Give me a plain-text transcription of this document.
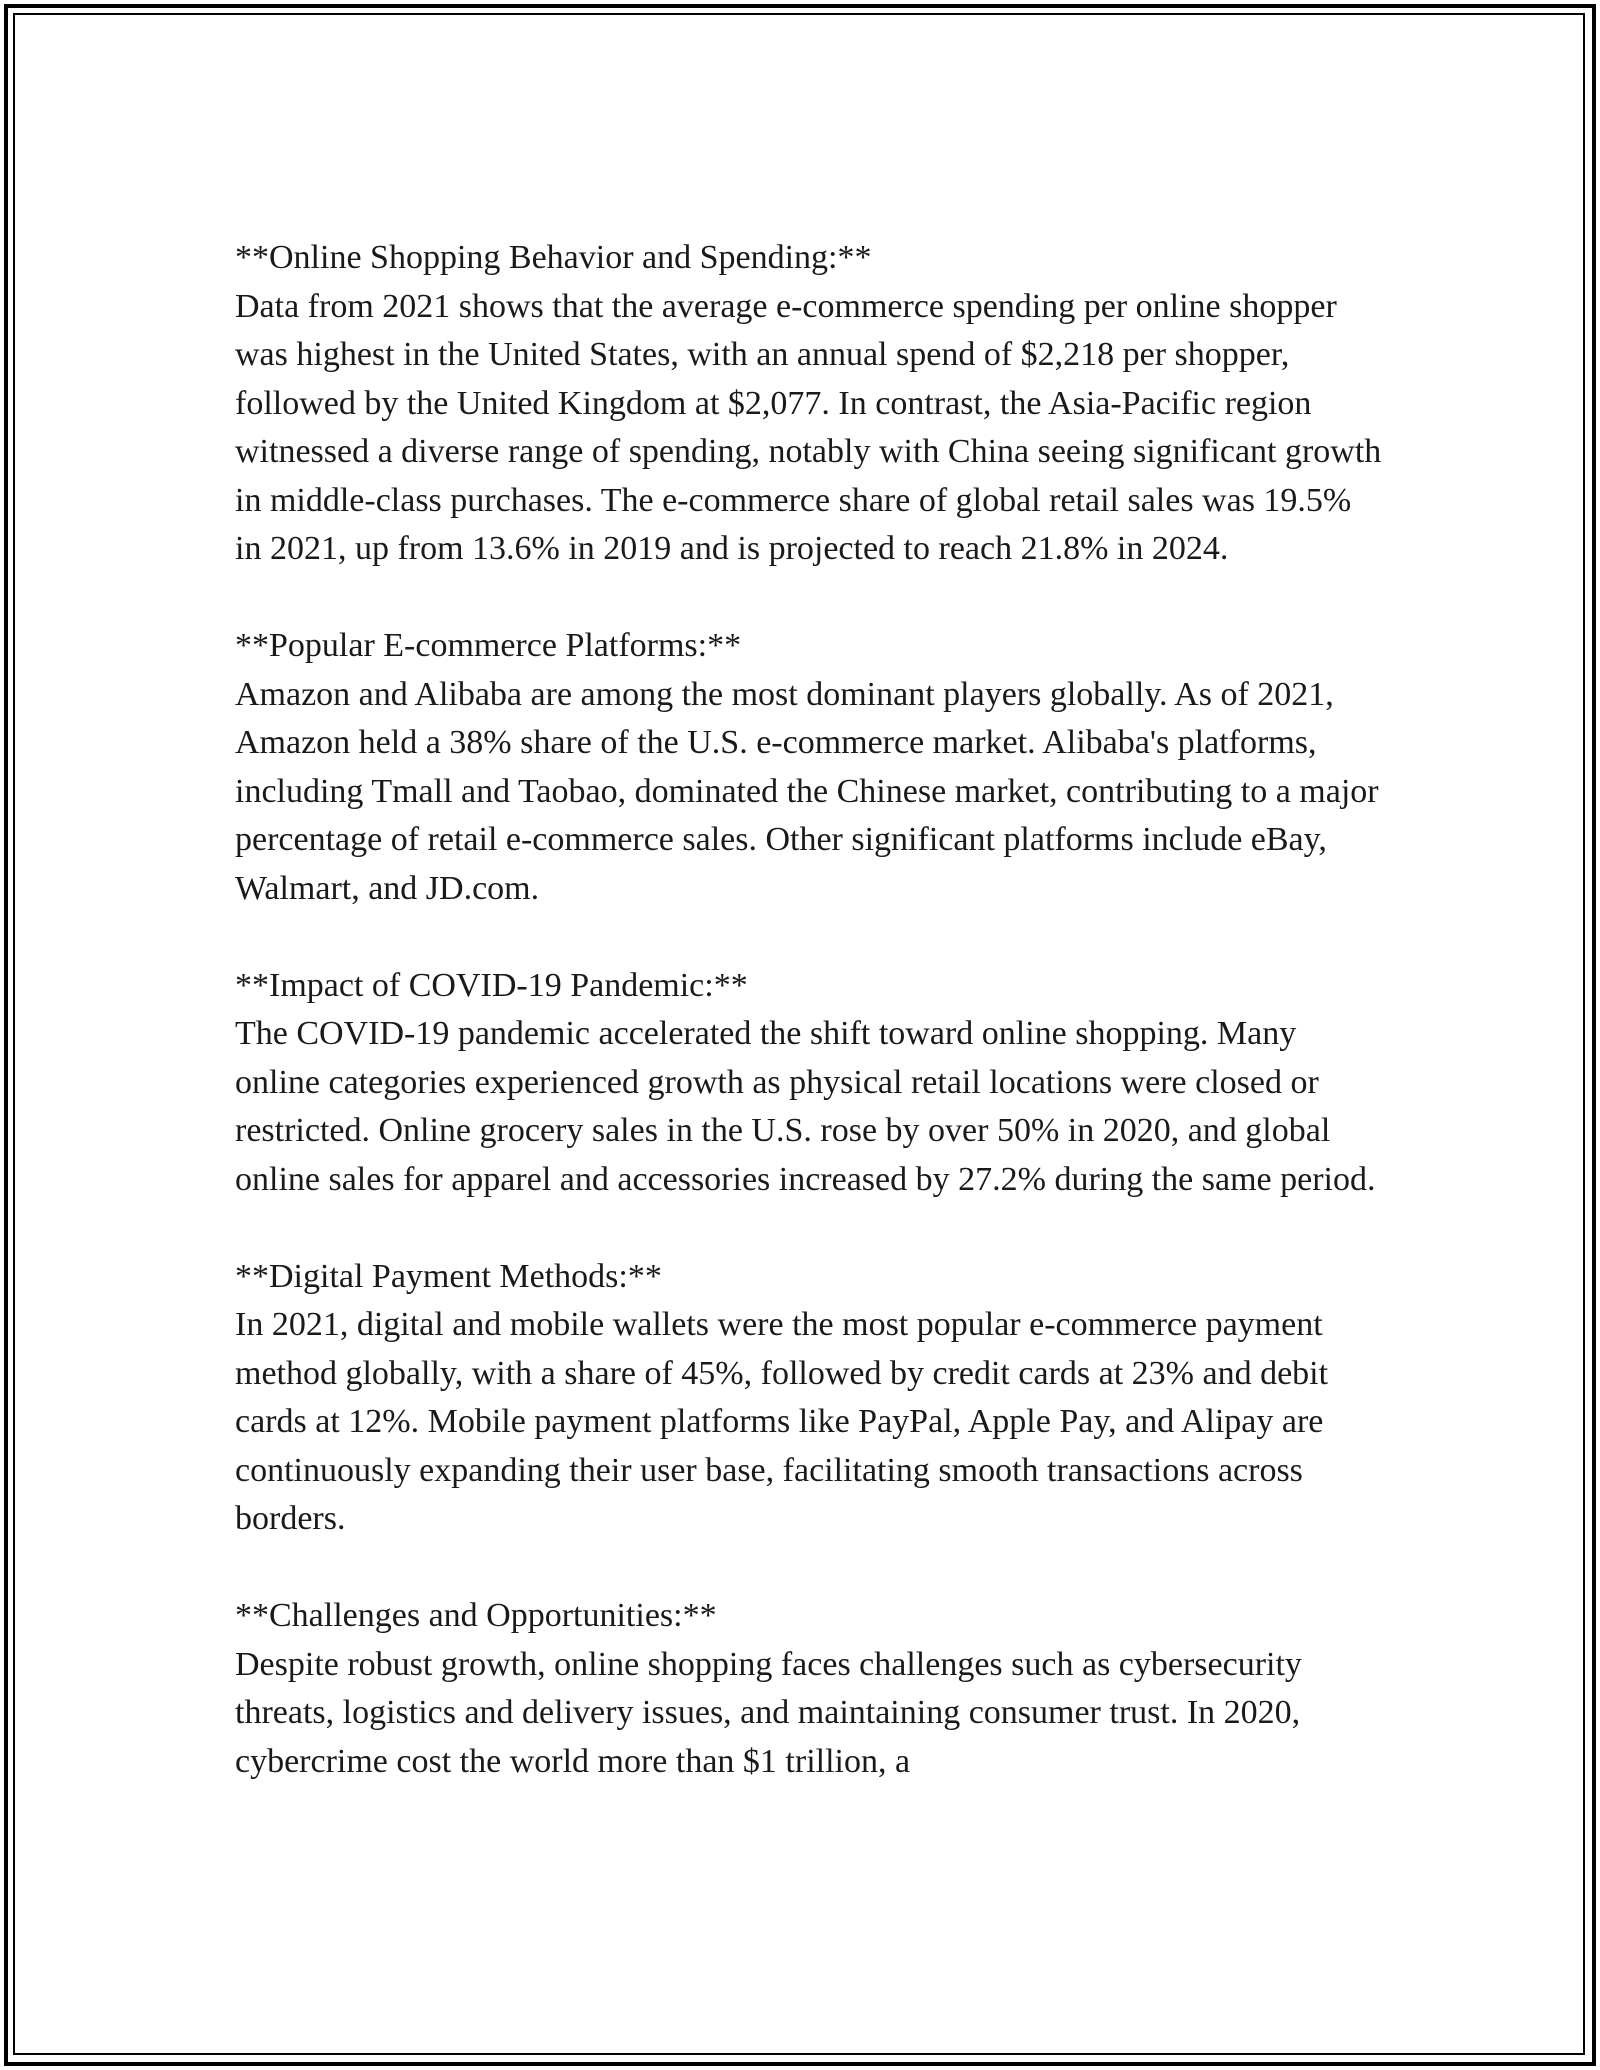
**Online Shopping Behavior and Spending:**

Data from 2021 shows that the average e-commerce spending per online shopper was highest in the United States, with an annual spend of $2,218 per shopper, followed by the United Kingdom at $2,077. In contrast, the Asia-Pacific region witnessed a diverse range of spending, notably with China seeing significant growth in middle-class purchases. The e-commerce share of global retail sales was 19.5% in 2021, up from 13.6% in 2019 and is projected to reach 21.8% in 2024.

**Popular E-commerce Platforms:**

Amazon and Alibaba are among the most dominant players globally. As of 2021, Amazon held a 38% share of the U.S. e-commerce market. Alibaba's platforms, including Tmall and Taobao, dominated the Chinese market, contributing to a major percentage of retail e-commerce sales. Other significant platforms include eBay, Walmart, and JD.com.

**Impact of COVID-19 Pandemic:**

The COVID-19 pandemic accelerated the shift toward online shopping. Many online categories experienced growth as physical retail locations were closed or restricted. Online grocery sales in the U.S. rose by over 50% in 2020, and global online sales for apparel and accessories increased by 27.2% during the same period.

**Digital Payment Methods:**

In 2021, digital and mobile wallets were the most popular e-commerce payment method globally, with a share of 45%, followed by credit cards at 23% and debit cards at 12%. Mobile payment platforms like PayPal, Apple Pay, and Alipay are continuously expanding their user base, facilitating smooth transactions across borders.

**Challenges and Opportunities:**

Despite robust growth, online shopping faces challenges such as cybersecurity threats, logistics and delivery issues, and maintaining consumer trust. In 2020, cybercrime cost the world more than $1 trillion, a
